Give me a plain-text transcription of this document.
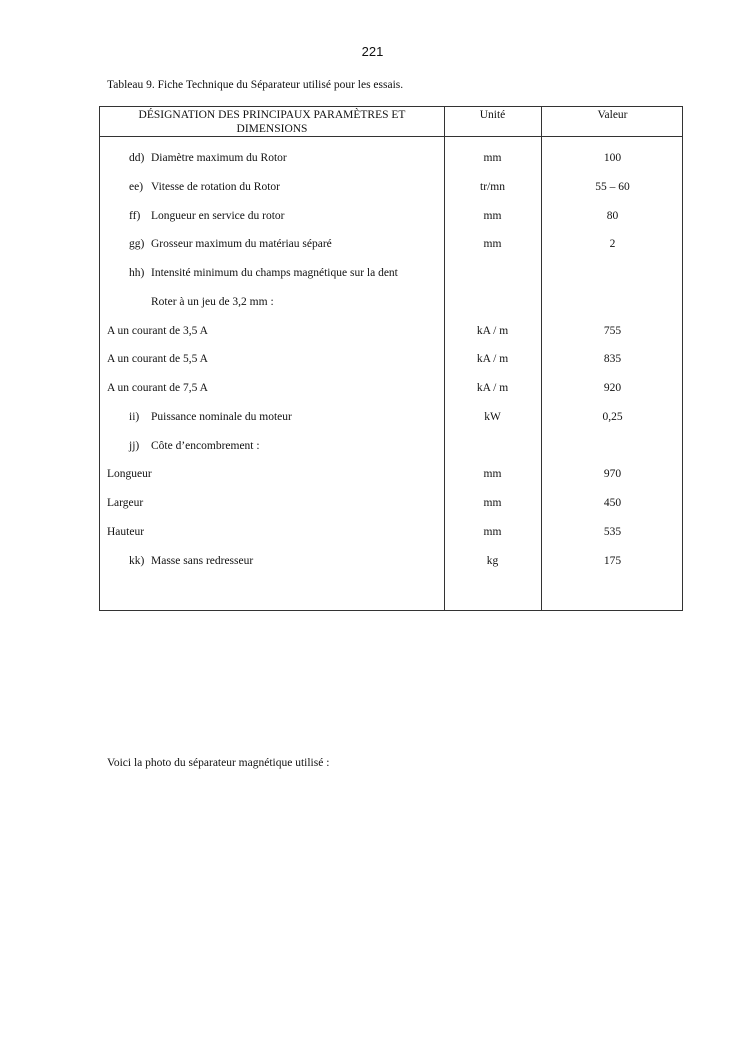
221
Tableau 9. Fiche Technique du Séparateur utilisé pour les essais.
DÉSIGNATION DES PRINCIPAUX PARAMÈTRES ET
DIMENSIONS
Unité	Valeur
dd) Diamètre maximum du Rotor	mm	100
ee) Vitesse de rotation du Rotor	tr/mn	55 – 60
ff) Longueur en service du rotor	mm	80
gg) Grosseur maximum du matériau séparé	mm	2
hh) Intensité minimum du champs magnétique sur la dent
Roter à un jeu de 3,2 mm :
A un courant de 3,5 A	kA / m	755
A un courant de 5,5 A	kA / m	835
A un courant de 7,5 A	kA / m	920
ii) Puissance nominale du moteur	kW	0,25
jj) Côte d’encombrement :
Longueur	mm	970
Largeur	mm	450
Hauteur	mm	535
kk) Masse sans redresseur	kg	175
Voici la photo du séparateur magnétique utilisé :
